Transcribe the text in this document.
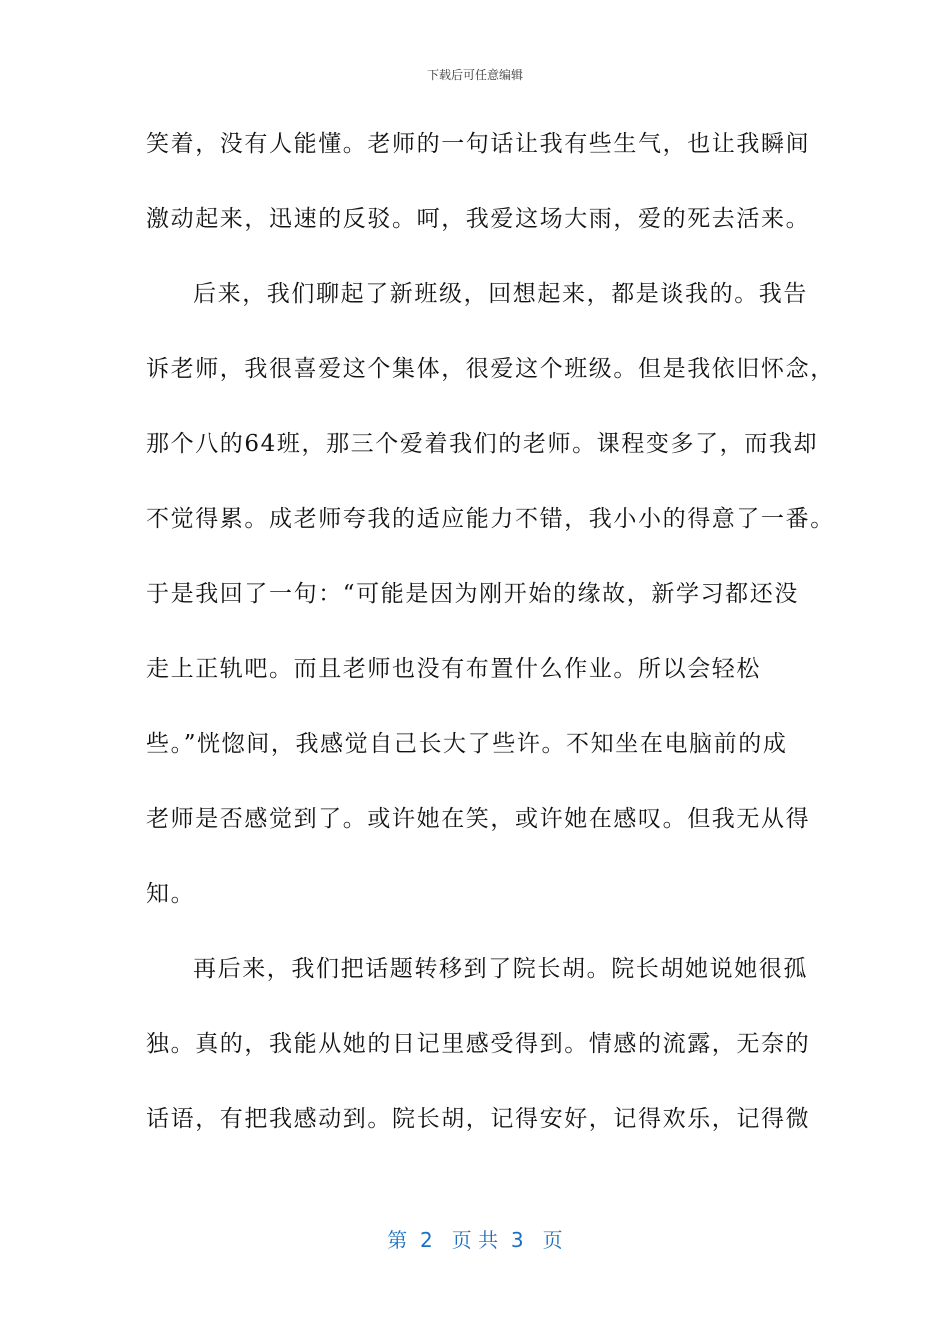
下载后可任意编辑
笑着，没有人能懂。老师的一句话让我有些生气，也让我瞬间
激动起来，迅速的反驳。呵，我爱这场大雨，爱的死去活来。
后来，我们聊起了新班级，回想起来，都是谈我的。我告
诉老师，我很喜爱这个集体，很爱这个班级。但是我依旧怀念，
那个八的64班，那三个爱着我们的老师。课程变多了，而我却
不觉得累。成老师夸我的适应能力不错，我小小的得意了一番。
于是我回了一句：“可能是因为刚开始的缘故，新学习都还没
走上正轨吧。而且老师也没有布置什么作业。所以会轻松
些。”恍惚间，我感觉自己长大了些许。不知坐在电脑前的成
老师是否感觉到了。或许她在笑，或许她在感叹。但我无从得
知。
再后来，我们把话题转移到了院长胡。院长胡她说她很孤
独。真的，我能从她的日记里感受得到。情感的流露，无奈的
话语，有把我感动到。院长胡，记得安好，记得欢乐，记得微
第  2   页 共  3   页
